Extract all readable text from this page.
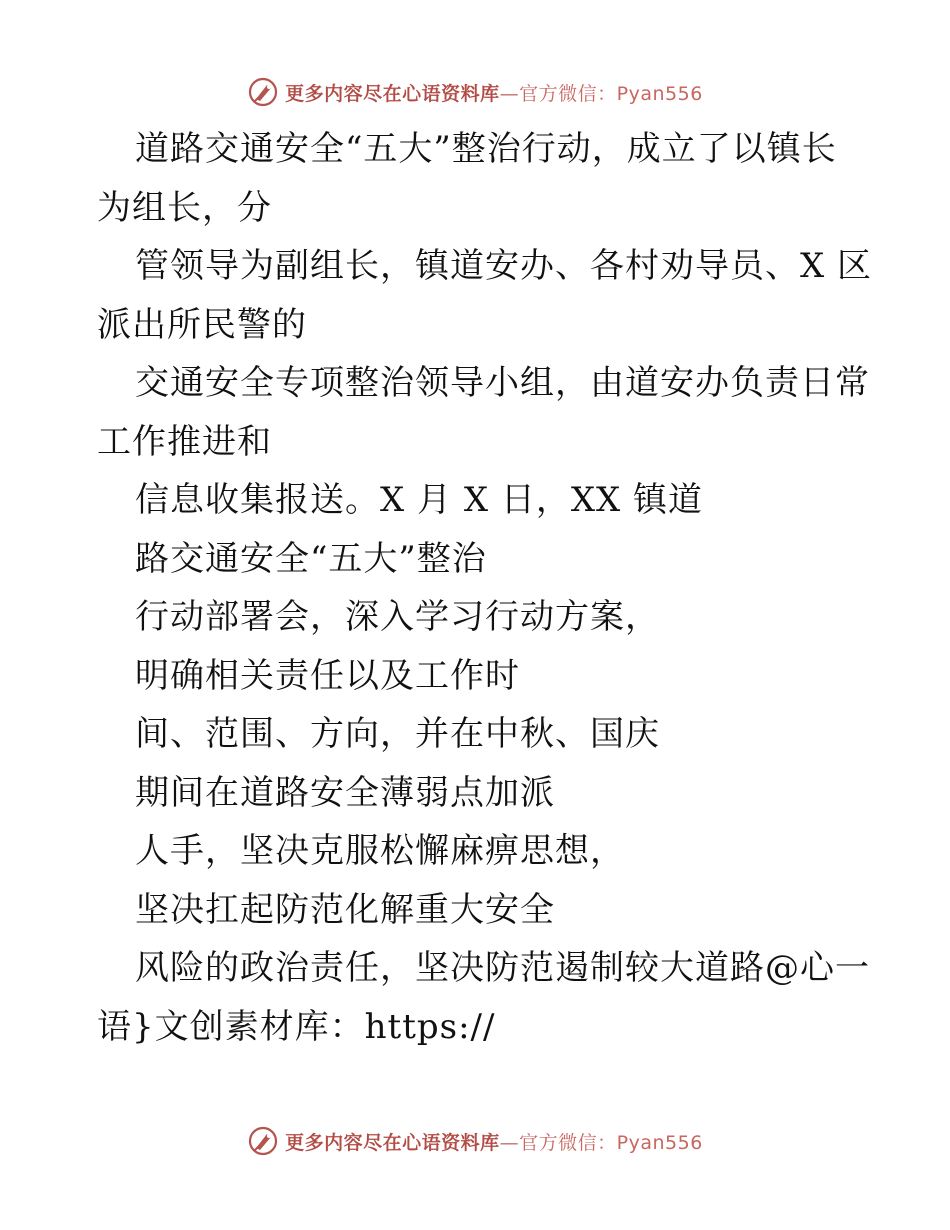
更多内容尽在心语资料库—官方微信：Pyan556
道路交通安全“五大”整治行动，成立了以镇长
为组长，分
管领导为副组长，镇道安办、各村劝导员、X 区
派出所民警的
交通安全专项整治领导小组，由道安办负责日常
工作推进和
信息收集报送。X 月 X 日，XX 镇道
路交通安全“五大”整治
行动部署会，深入学习行动方案，
明确相关责任以及工作时
间、范围、方向，并在中秋、国庆
期间在道路安全薄弱点加派
人手，坚决克服松懈麻痹思想，
坚决扛起防范化解重大安全
风险的政治责任，坚决防范遏制较大道路@心一
语}文创素材库：https://
更多内容尽在心语资料库—官方微信：Pyan556
